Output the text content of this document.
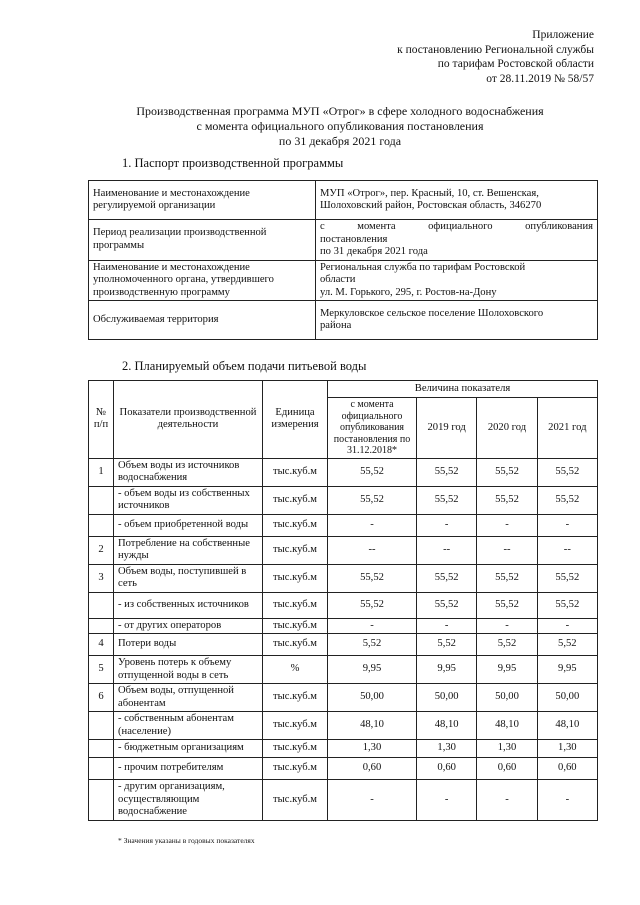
Приложение
к постановлению Региональной службы
по тарифам Ростовской области
от 28.11.2019 № 58/57
Производственная программа МУП «Отрог» в сфере холодного водоснабжения
с момента официального опубликования постановления
по 31 декабря 2021 года
1. Паспорт производственной программы
Наименование и местонахождение регулируемой организации	МУП «Отрог», пер. Красный, 10, ст. Вешенская,
Шолоховский район, Ростовская область, 346270

Период реализации производственной программы	с момента официального опубликования
постановления
по 31 декабря 2021 года

Наименование и местонахождение уполномоченного органа, утвердившего производственную программу	Региональная служба по тарифам Ростовской
области
ул. М. Горького, 295, г. Ростов-на-Дону

Обслуживаемая территория	Меркуловское сельское поселение Шолоховского
района
2. Планируемый объем подачи питьевой воды
№ п/п	Показатели производственной деятельности	Единица измерения	Величина показателя			
			с момента официального опубликования постановления по 31.12.2018*	2019 год	2020 год	2021 год
1	Объем воды из источников водоснабжения	тыс.куб.м	55,52	55,52	55,52	55,52
	- объем воды из собственных источников	тыс.куб.м	55,52	55,52	55,52	55,52
	- объем приобретенной воды	тыс.куб.м	-	-	-	-
2	Потребление на собственные нужды	тыс.куб.м	--	--	--	--
3	Объем воды, поступившей в сеть	тыс.куб.м	55,52	55,52	55,52	55,52
	- из собственных источников	тыс.куб.м	55,52	55,52	55,52	55,52
	- от других операторов	тыс.куб.м	-	-	-	-
4	Потери воды	тыс.куб.м	5,52	5,52	5,52	5,52
5	Уровень потерь к объему отпущенной воды в сеть	%	9,95	9,95	9,95	9,95
6	Объем воды, отпущенной абонентам	тыс.куб.м	50,00	50,00	50,00	50,00
	- собственным абонентам (население)	тыс.куб.м	48,10	48,10	48,10	48,10
	- бюджетным организациям	тыс.куб.м	1,30	1,30	1,30	1,30
	- прочим потребителям	тыс.куб.м	0,60	0,60	0,60	0,60
	- другим организациям, осуществляющим водоснабжение	тыс.куб.м	-	-	-	-
* Значения указаны в годовых показателях
